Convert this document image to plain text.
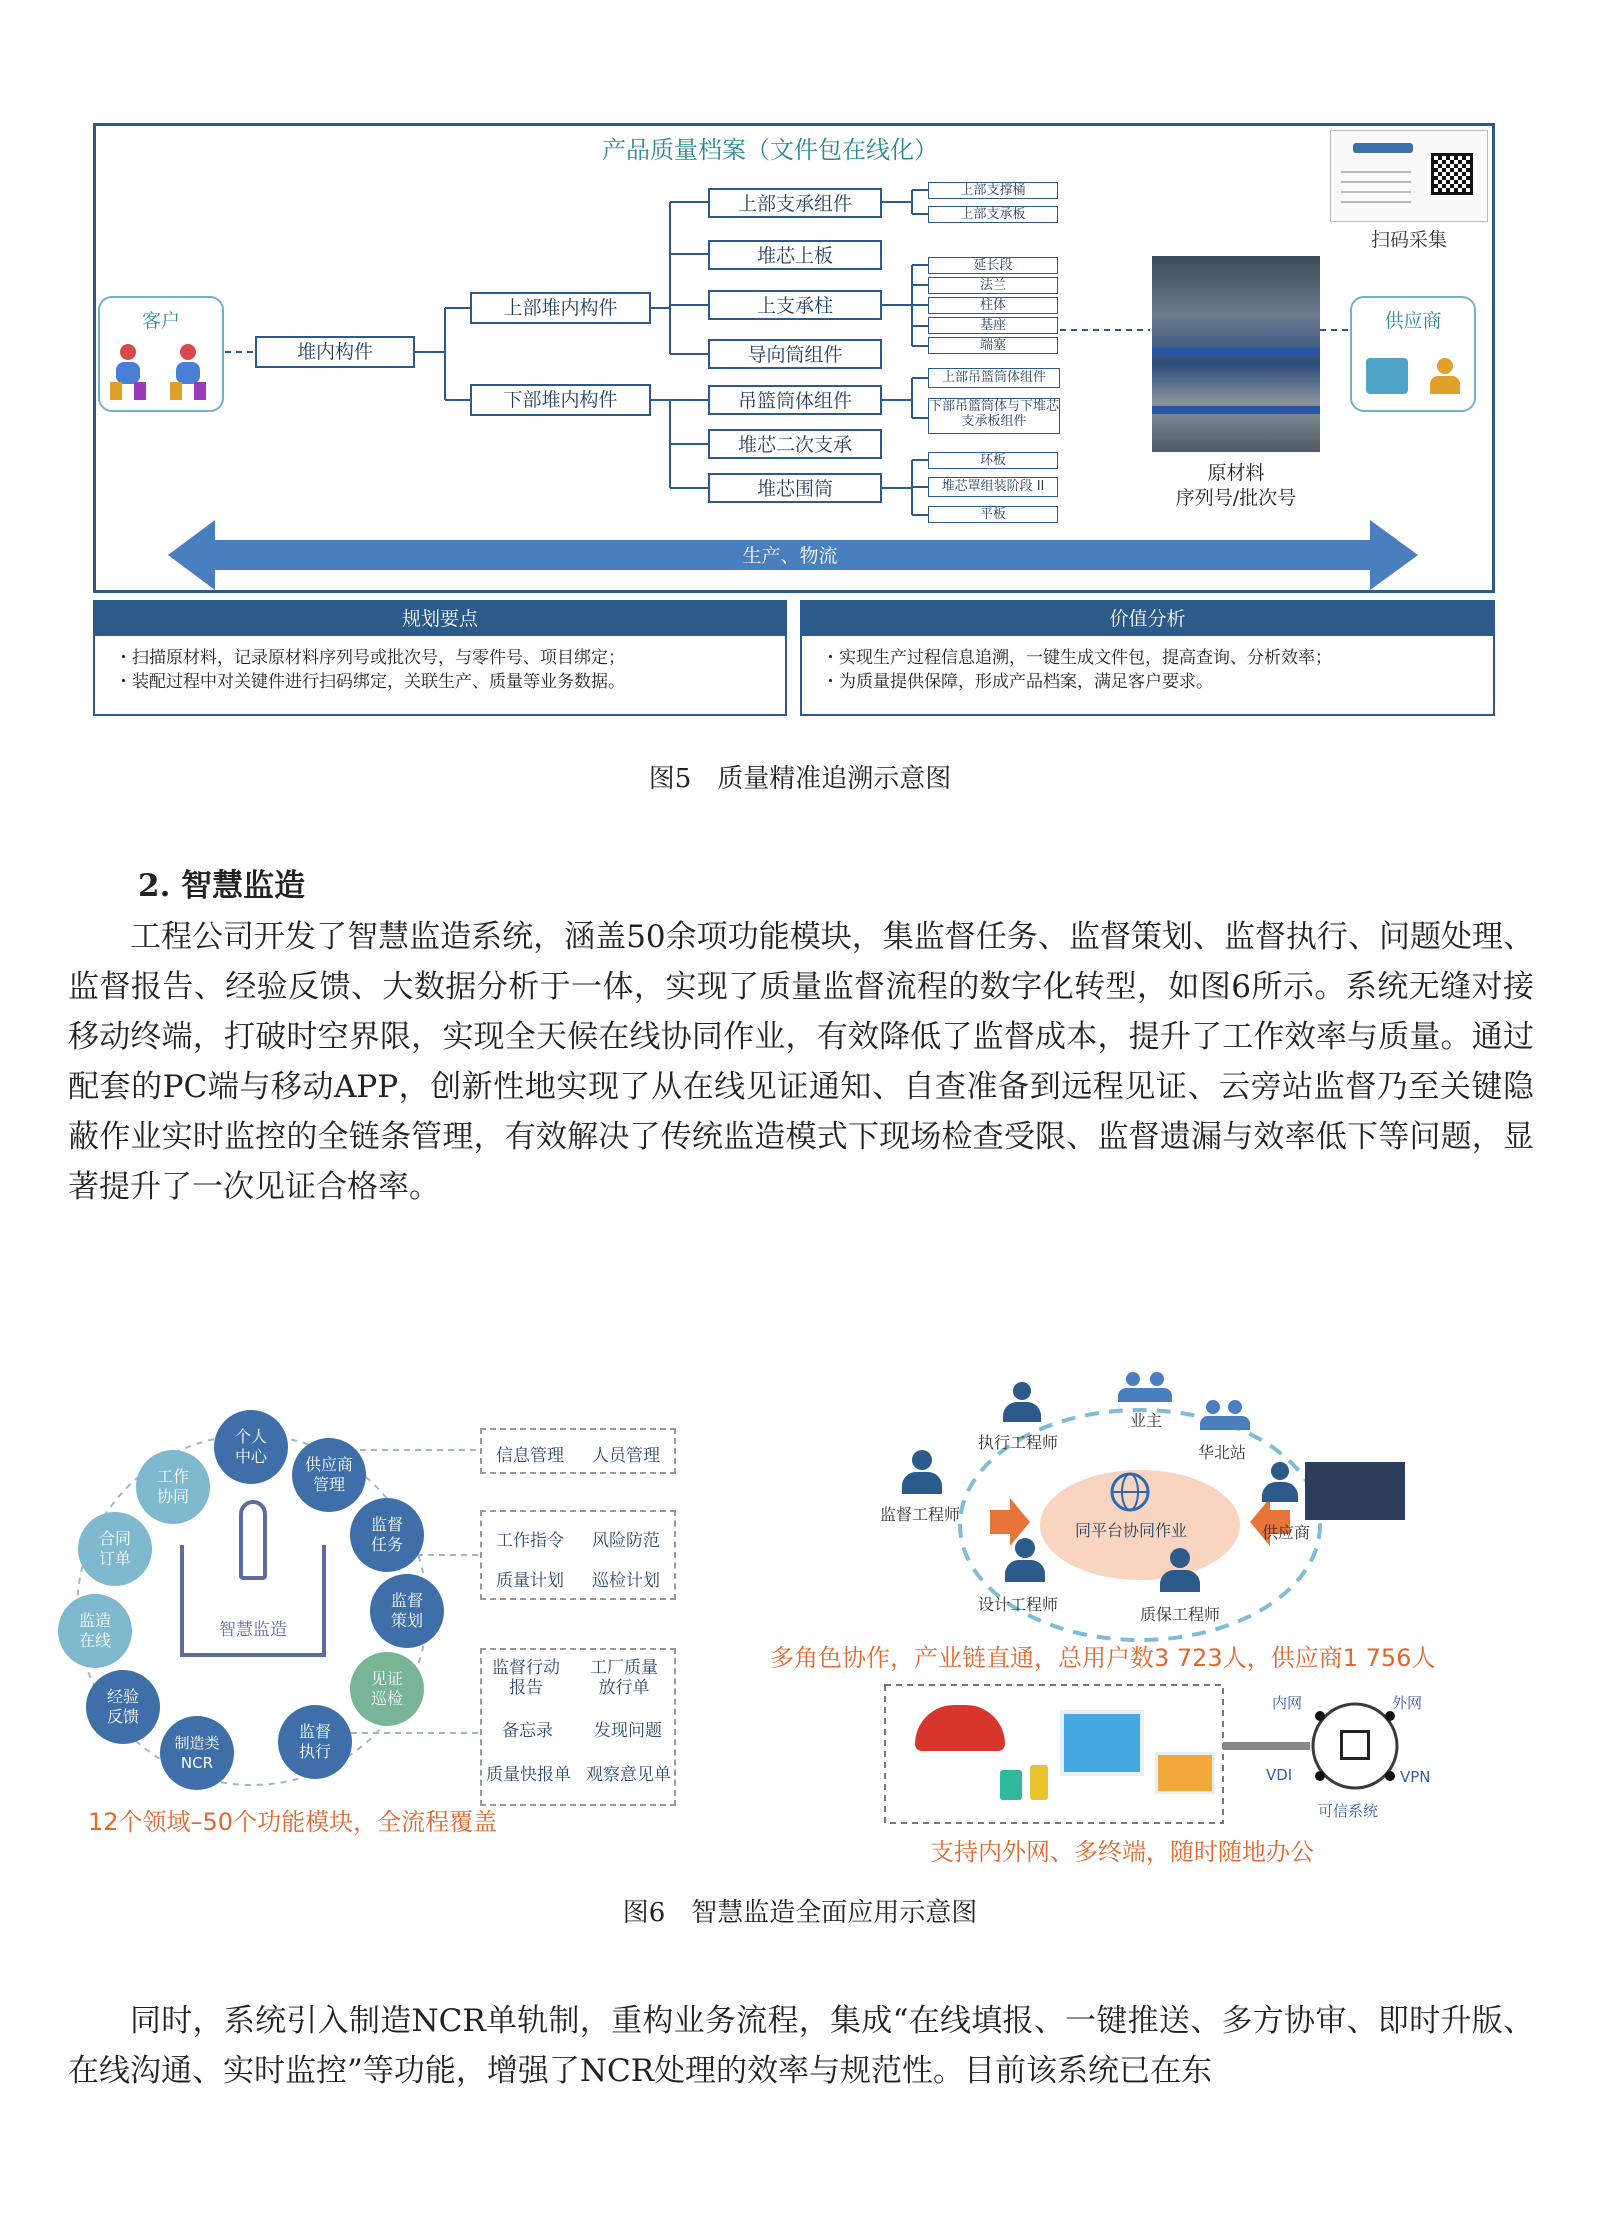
产品质量档案（文件包在线化）
客户
堆内构件
上部堆内构件
下部堆内构件
上部支承组件
堆芯上板
上支承柱
导向筒组件
吊篮筒体组件
堆芯二次支承
堆芯围筒
上部支撑桶
上部支承板
延长段
法兰
柱体
基座
端塞
上部吊篮筒体组件
下部吊篮筒体与下堆芯支承板组件
环板
堆芯罩组装阶段 II
平板
扫码采集
原材料
序列号/批次号
供应商
生产、物流
规划要点
・扫描原材料，记录原材料序列号或批次号，与零件号、项目绑定；
・装配过程中对关键件进行扫码绑定，关联生产、质量等业务数据。
价值分析
・实现生产过程信息追溯，一键生成文件包，提高查询、分析效率；
・为质量提供保障，形成产品档案，满足客户要求。
图5　质量精准追溯示意图
2. 智慧监造
工程公司开发了智慧监造系统，涵盖50余项功能模块，集监督任务、监督策划、监督执行、问题处理、监督报告、经验反馈、大数据分析于一体，实现了质量监督流程的数字化转型，如图6所示。系统无缝对接移动终端，打破时空界限，实现全天候在线协同作业，有效降低了监督成本，提升了工作效率与质量。通过配套的PC端与移动APP，创新性地实现了从在线见证通知、自查准备到远程见证、云旁站监督乃至关键隐蔽作业实时监控的全链条管理，有效解决了传统监造模式下现场检查受限、监督遗漏与效率低下等问题，显著提升了一次见证合格率。
智慧监造
个人
中心	供应商
管理
监督
任务
监督
策划
见证
巡检
监督
执行
制造类
NCR
经验
反馈
监造
在线
合同
订单
工作
协同
信息管理 人员管理
工作指令 风险防范
质量计划 巡检计划
监督行动
报告
工厂质量
放行单
备忘录 发现问题
质量快报单 观察意见单
12个领域–50个功能模块，全流程覆盖
执行工程师
业主
华北站
监督工程师
供应商
同平台协同作业
设计工程师
质保工程师
多角色协作，产业链直通，总用户数3 723人，供应商1 756人
内网	外网
VDI	VPN
可信系统
支持内外网、多终端，随时随地办公
图6　智慧监造全面应用示意图
同时，系统引入制造NCR单轨制，重构业务流程，集成“在线填报、一键推送、多方协审、即时升版、在线沟通、实时监控”等功能，增强了NCR处理的效率与规范性。目前该系统已在东
